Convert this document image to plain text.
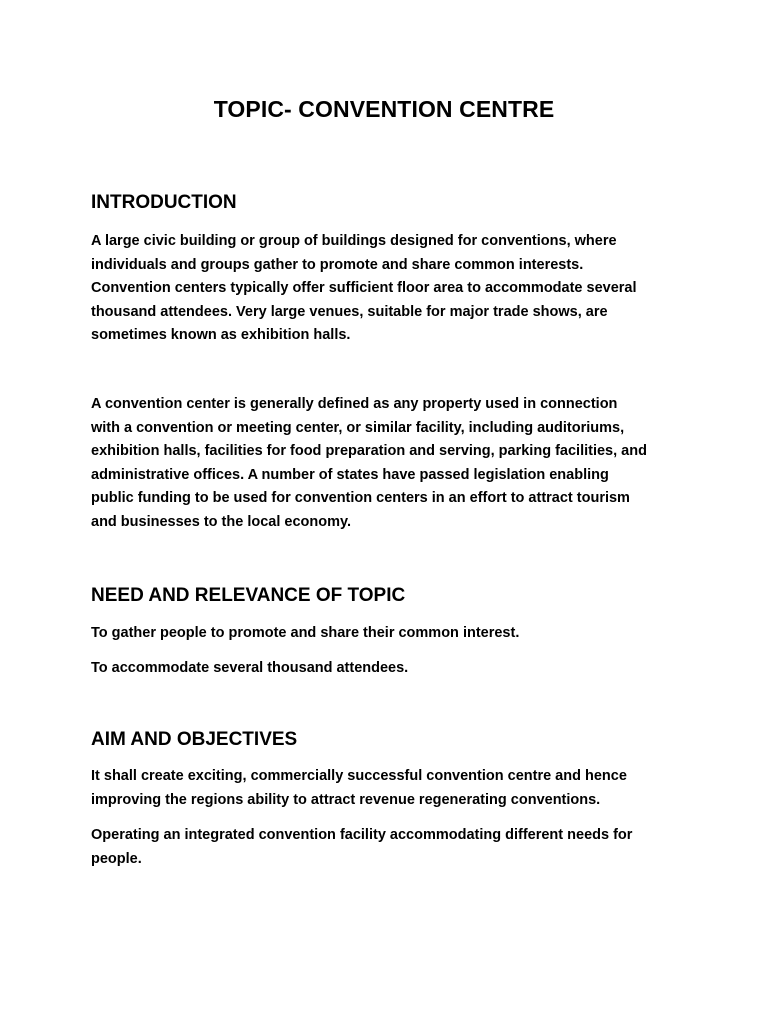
TOPIC- CONVENTION CENTRE
INTRODUCTION

A large civic building or group of buildings designed for conventions, where
individuals and groups gather to promote and share common interests.
Convention centers typically offer sufficient floor area to accommodate several
thousand attendees. Very large venues, suitable for major trade shows, are
sometimes known as exhibition halls.

A convention center is generally defined as any property used in connection
with a convention or meeting center, or similar facility, including auditoriums,
exhibition halls, facilities for food preparation and serving, parking facilities, and
administrative offices. A number of states have passed legislation enabling
public funding to be used for convention centers in an effort to attract tourism
and businesses to the local economy.

NEED AND RELEVANCE OF TOPIC

To gather people to promote and share their common interest.

To accommodate several thousand attendees.

AIM AND OBJECTIVES

It shall create exciting, commercially successful convention centre and hence
improving the regions ability to attract revenue regenerating conventions.

Operating an integrated convention facility accommodating different needs for
people.
